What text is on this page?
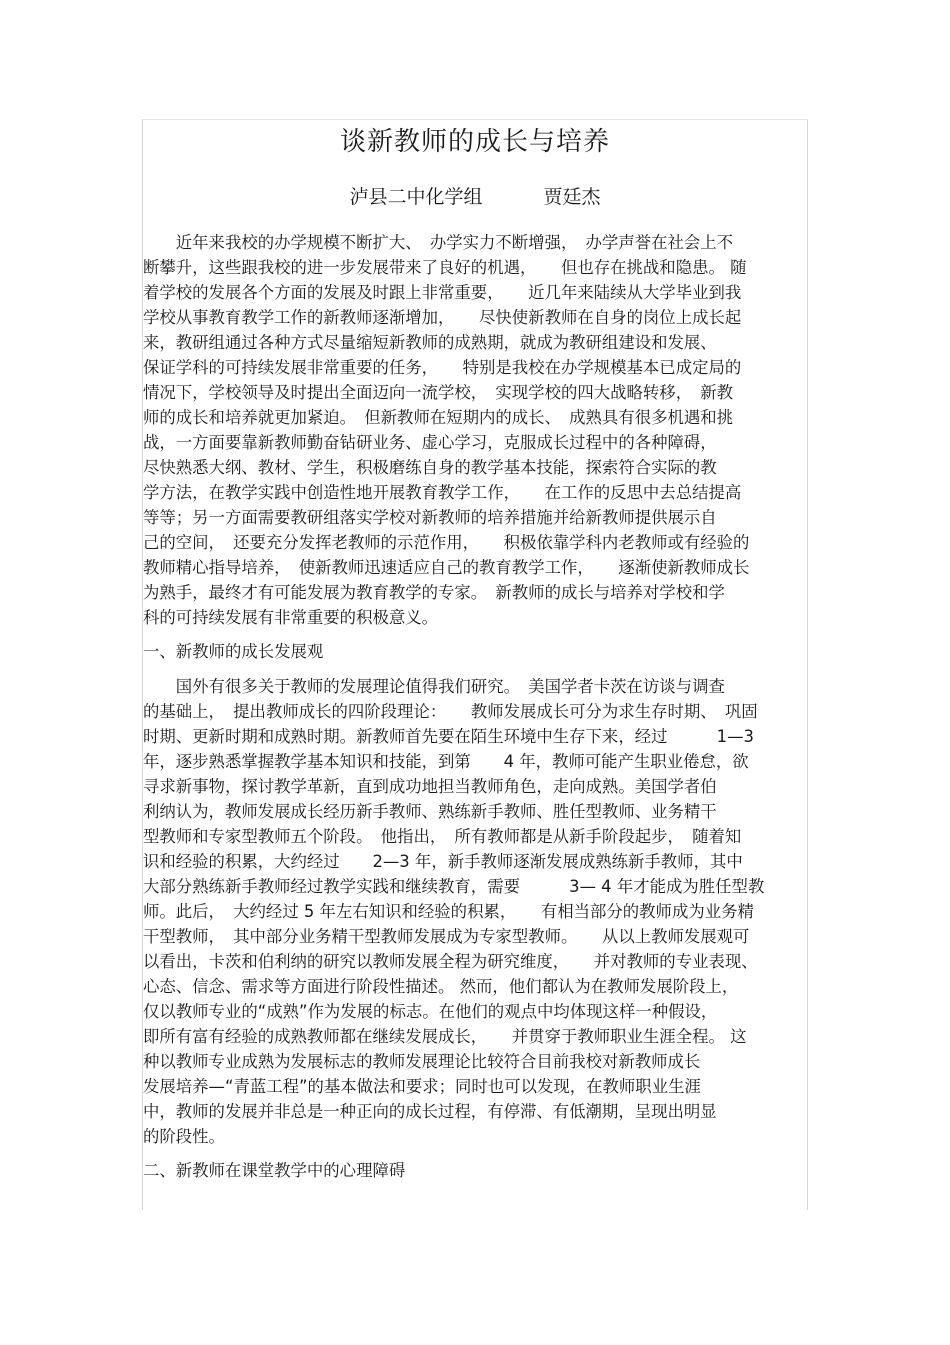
谈新教师的成长与培养
泸县二中化学组	贾廷杰
　　近年来我校的办学规模不断扩大、　办学实力不断增强，　办学声誉在社会上不
断攀升，这些跟我校的进一步发展带来了良好的机遇，　　但也存在挑战和隐患。 随
着学校的发展各个方面的发展及时跟上非常重要，　　近几年来陆续从大学毕业到我
学校从事教育教学工作的新教师逐渐增加，　　尽快使新教师在自身的岗位上成长起
来，教研组通过各种方式尽量缩短新教师的成熟期，就成为教研组建设和发展、
保证学科的可持续发展非常重要的任务，　　特别是我校在办学规模基本已成定局的
情况下，学校领导及时提出全面迈向一流学校，　实现学校的四大战略转移，　新教
师的成长和培养就更加紧迫。　但新教师在短期内的成长、　成熟具有很多机遇和挑
战，一方面要靠新教师勤奋钻研业务、虚心学习，克服成长过程中的各种障碍，
尽快熟悉大纲、教材、学生，积极磨练自身的教学基本技能，探索符合实际的教
学方法，在教学实践中创造性地开展教育教学工作，　　在工作的反思中去总结提高
等等；另一方面需要教研组落实学校对新教师的培养措施并给新教师提供展示自
己的空间，　还要充分发挥老教师的示范作用，　　积极依靠学科内老教师或有经验的
教师精心指导培养，　使新教师迅速适应自己的教育教学工作，　　逐渐使新教师成长
为熟手，最终才有可能发展为教育教学的专家。　新教师的成长与培养对学校和学
科的可持续发展有非常重要的积极意义。
一、新教师的成长发展观
　　国外有很多关于教师的发展理论值得我们研究。　美国学者卡茨在访谈与调查
的基础上，　提出教师成长的四阶段理论：　　教师发展成长可分为求生存时期、　巩固
时期、更新时期和成熟时期。新教师首先要在陌生环境中生存下来，经过　　　1—3
年，逐步熟悉掌握教学基本知识和技能，到第　　4 年，教师可能产生职业倦怠，欲
寻求新事物，探讨教学革新，直到成功地担当教师角色，走向成熟。美国学者伯
利纳认为，教师发展成长经历新手教师、熟练新手教师、胜任型教师、业务精干
型教师和专家型教师五个阶段。　他指出，　所有教师都是从新手阶段起步，　随着知
识和经验的积累，大约经过　　2—3 年，新手教师逐渐发展成熟练新手教师，其中
大部分熟练新手教师经过教学实践和继续教育，需要　　　3— 4 年才能成为胜任型教
师。此后，　大约经过 5 年左右知识和经验的积累，　　有相当部分的教师成为业务精
干型教师，　其中部分业务精干型教师发展成为专家型教师。　　从以上教师发展观可
以看出，卡茨和伯利纳的研究以教师发展全程为研究维度，　　并对教师的专业表现、
心态、信念、需求等方面进行阶段性描述。 然而，他们都认为在教师发展阶段上，
仅以教师专业的“成熟”作为发展的标志。在他们的观点中均体现这样一种假设，
即所有富有经验的成熟教师都在继续发展成长，　　并贯穿于教师职业生涯全程。 这
种以教师专业成熟为发展标志的教师发展理论比较符合目前我校对新教师成长
发展培养—“青蓝工程”的基本做法和要求；同时也可以发现，在教师职业生涯
中，教师的发展并非总是一种正向的成长过程，有停滞、有低潮期，呈现出明显
的阶段性。
二、新教师在课堂教学中的心理障碍
